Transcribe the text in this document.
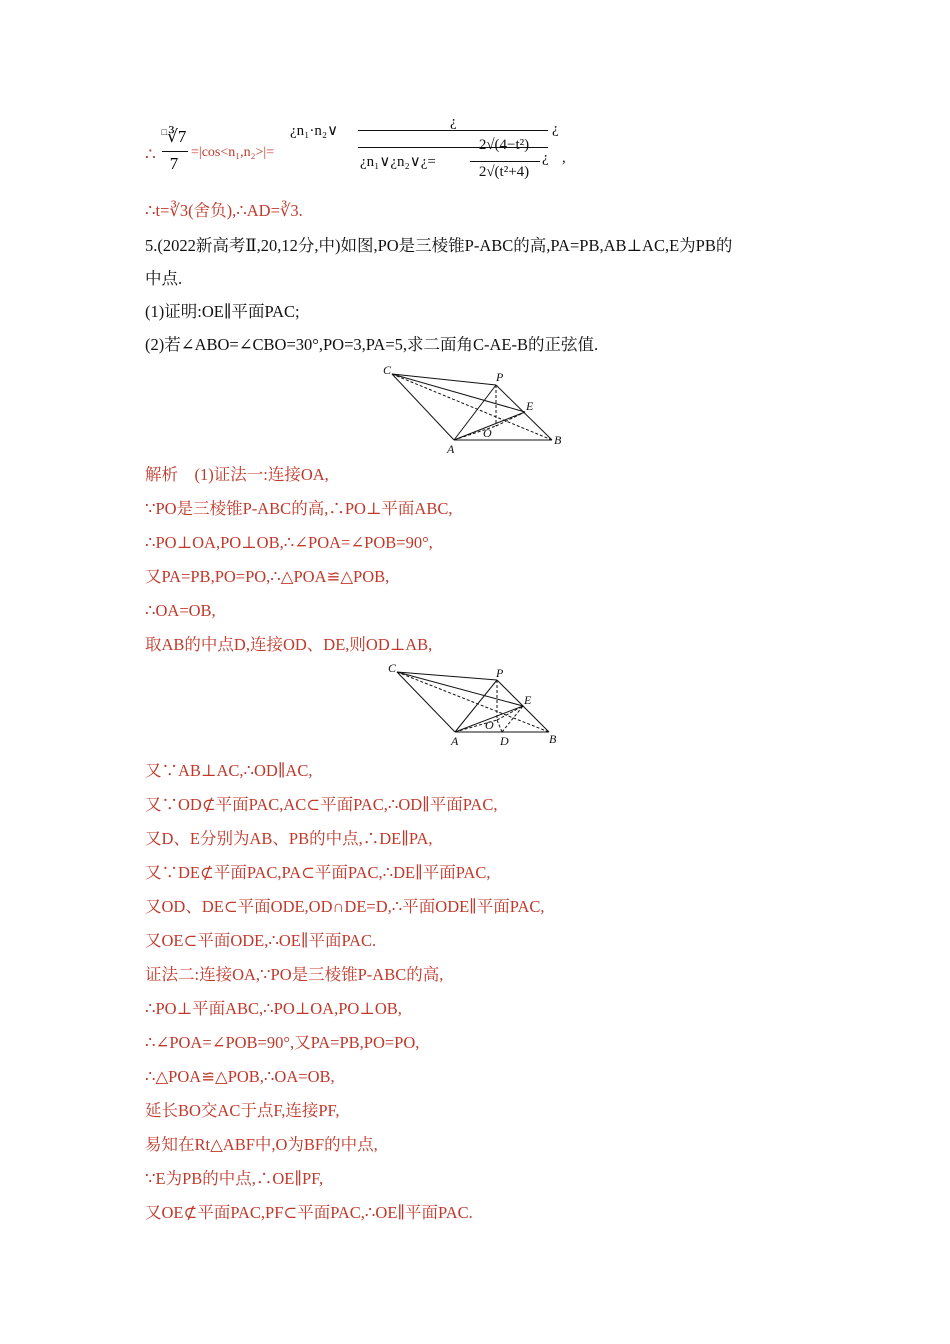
∴
□∛7
7
=|cos<n₁,n₂>|=
¿n₁·n₂∨
¿	¿
¿n₁∨¿n₂∨¿=
2√(4−t²)
2√(t²+4)
¿ ,
∴t=∛3(舍负),∴AD=∛3.
5.(2022新高考Ⅱ,20,12分,中)如图,PO是三棱锥P-ABC的高,PA=PB,AB⊥AC,E为PB的
中点.
(1)证明:OE∥平面PAC;
(2)若∠ABO=∠CBO=30°,PO=3,PA=5,求二面角C-AE-B的正弦值.
C	P
E
O
A
B
解析　(1)证法一:连接OA,
∵PO是三棱锥P-ABC的高,∴PO⊥平面ABC,
∴PO⊥OA,PO⊥OB,∴∠POA=∠POB=90°,
又PA=PB,PO=PO,∴△POA≌△POB,
∴OA=OB,
取AB的中点D,连接OD、DE,则OD⊥AB,
C	P
E
O
A	D	B
又∵AB⊥AC,∴OD∥AC,
又∵OD⊄平面PAC,AC⊂平面PAC,∴OD∥平面PAC,
又D、E分别为AB、PB的中点,∴DE∥PA,
又∵DE⊄平面PAC,PA⊂平面PAC,∴DE∥平面PAC,
又OD、DE⊂平面ODE,OD∩DE=D,∴平面ODE∥平面PAC,
又OE⊂平面ODE,∴OE∥平面PAC.
证法二:连接OA,∵PO是三棱锥P-ABC的高,
∴PO⊥平面ABC,∴PO⊥OA,PO⊥OB,
∴∠POA=∠POB=90°,又PA=PB,PO=PO,
∴△POA≌△POB,∴OA=OB,
延长BO交AC于点F,连接PF,
易知在Rt△ABF中,O为BF的中点,
∵E为PB的中点,∴OE∥PF,
又OE⊄平面PAC,PF⊂平面PAC,∴OE∥平面PAC.
